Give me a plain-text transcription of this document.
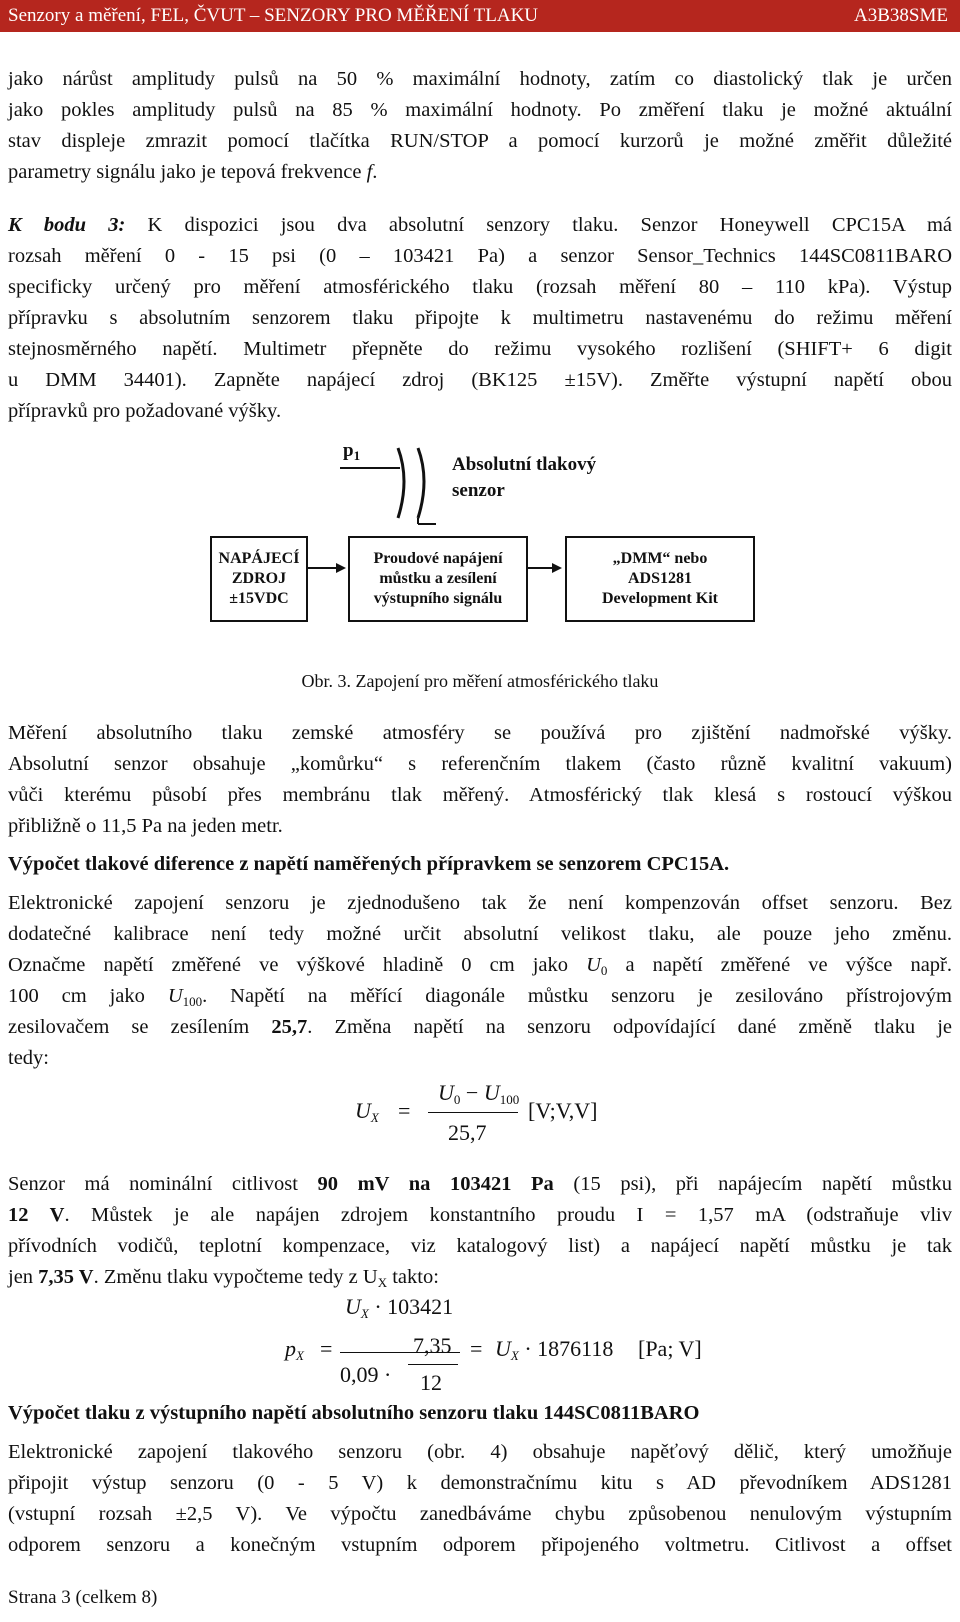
Senzory a měření, FEL, ČVUT – SENZORY PRO MĚŘENÍ TLAKU	A3B38SME
jako nárůst amplitudy pulsů na 50 % maximální hodnoty, zatím co diastolický tlak je určen
jako pokles amplitudy pulsů na 85 % maximální hodnoty. Po změření tlaku je možné aktuální
stav displeje zmrazit pomocí tlačítka RUN/STOP a pomocí kurzorů je možné změřit důležité
parametry signálu jako je tepová frekvence f.
K bodu 3: K dispozici jsou dva absolutní senzory tlaku. Senzor Honeywell CPC15A má
rozsah měření 0 - 15 psi (0 – 103421 Pa) a senzor Sensor_Technics 144SC0811BARO
specificky určený pro měření atmosférického tlaku (rozsah měření 80 – 110 kPa). Výstup
přípravku s absolutním senzorem tlaku připojte k multimetru nastavenému do režimu měření
stejnosměrného napětí. Multimetr přepněte do režimu vysokého rozlišení (SHIFT+ 6 digit
u DMM 34401). Zapněte napájecí zdroj (BK125 ±15V). Změřte výstupní napětí obou
přípravků pro požadované výšky.
$p_1$	Absolutní tlakový
senzor
NAPÁJECÍ
ZDROJ
±15VDC
Proudové napájení
můstku a zesílení
výstupního signálu
„DMM“ nebo
ADS1281
Development Kit
Obr. 3. Zapojení pro měření atmosférického tlaku
Měření absolutního tlaku zemské atmosféry se používá pro zjištění nadmořské výšky.
Absolutní senzor obsahuje „komůrku“ s referenčním tlakem (často různě kvalitní vakuum)
vůči kterému působí přes membránu tlak měřený. Atmosférický tlak klesá s rostoucí výškou
přibližně o 11,5 Pa na jeden metr.
Výpočet tlakové diference z napětí naměřených přípravkem se senzorem CPC15A.
Elektronické zapojení senzoru je zjednodušeno tak že není kompenzován offset senzoru. Bez
dodatečné kalibrace není tedy možné určit absolutní velikost tlaku, ale pouze jeho změnu.
Označme napětí změřené ve výškové hladině 0 cm jako U0 a napětí změřené ve výšce např.
100 cm jako U100. Napětí na měřící diagonále můstku senzoru je zesilováno přístrojovým
zesilovačem se zesílením 25,7. Změna napětí na senzoru odpovídající dané změně tlaku je
tedy:
$U_X$ =
U0 − U100
25,7
[V;V,V]
Senzor má nominální citlivost 90 mV na 103421 Pa (15 psi), při napájecím napětí můstku
12 V. Můstek je ale napájen zdrojem konstantního proudu I = 1,57 mA (odstraňuje vliv
přívodních vodičů, teplotní kompenzace, viz katalogový list) a napájecí napětí můstku je tak
jen 7,35 V. Změnu tlaku vypočteme tedy z UX takto:
$p_X$ =
$U_X \cdot 103421$
0,09 ·
7,35
12
= $U_X \cdot 1876118$ [Pa; V]
Výpočet tlaku z výstupního napětí absolutního senzoru tlaku 144SC0811BARO
Elektronické zapojení tlakového senzoru (obr. 4) obsahuje napěťový dělič, který umožňuje
připojit výstup senzoru (0 - 5 V) k demonstračnímu kitu s AD převodníkem ADS1281
(vstupní rozsah ±2,5 V). Ve výpočtu zanedbáváme chybu způsobenou nenulovým výstupním
odporem senzoru a konečným vstupním odporem připojeného voltmetru. Citlivost a offset
Strana 3 (celkem 8)
